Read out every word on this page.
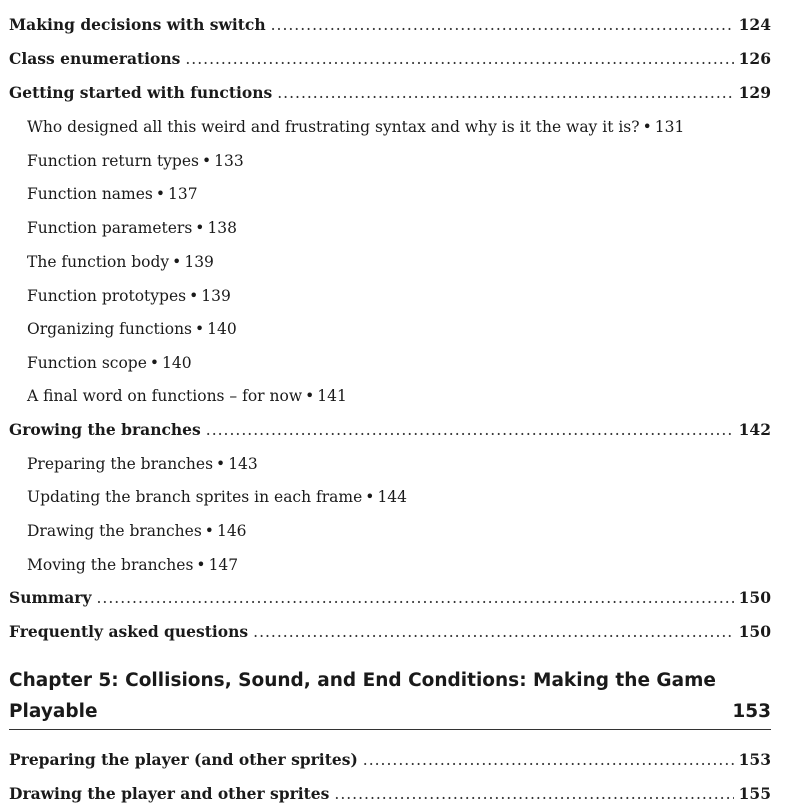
Making decisions with switch .....	124
Class enumerations .....	126
Getting started with functions .....	129
Who designed all this weird and frustrating syntax and why is it the way it is? • 131
Function return types • 133
Function names • 137
Function parameters • 138
The function body • 139
Function prototypes • 139
Organizing functions • 140
Function scope • 140
A final word on functions – for now • 141
Growing the branches .....	142
Preparing the branches • 143
Updating the branch sprites in each frame • 144
Drawing the branches • 146
Moving the branches • 147
Summary .....	150
Frequently asked questions .....	150
Chapter 5: Collisions, Sound, and End Conditions: Making the Game
Playable	153
Preparing the player (and other sprites) .....	153
Drawing the player and other sprites .....	155
